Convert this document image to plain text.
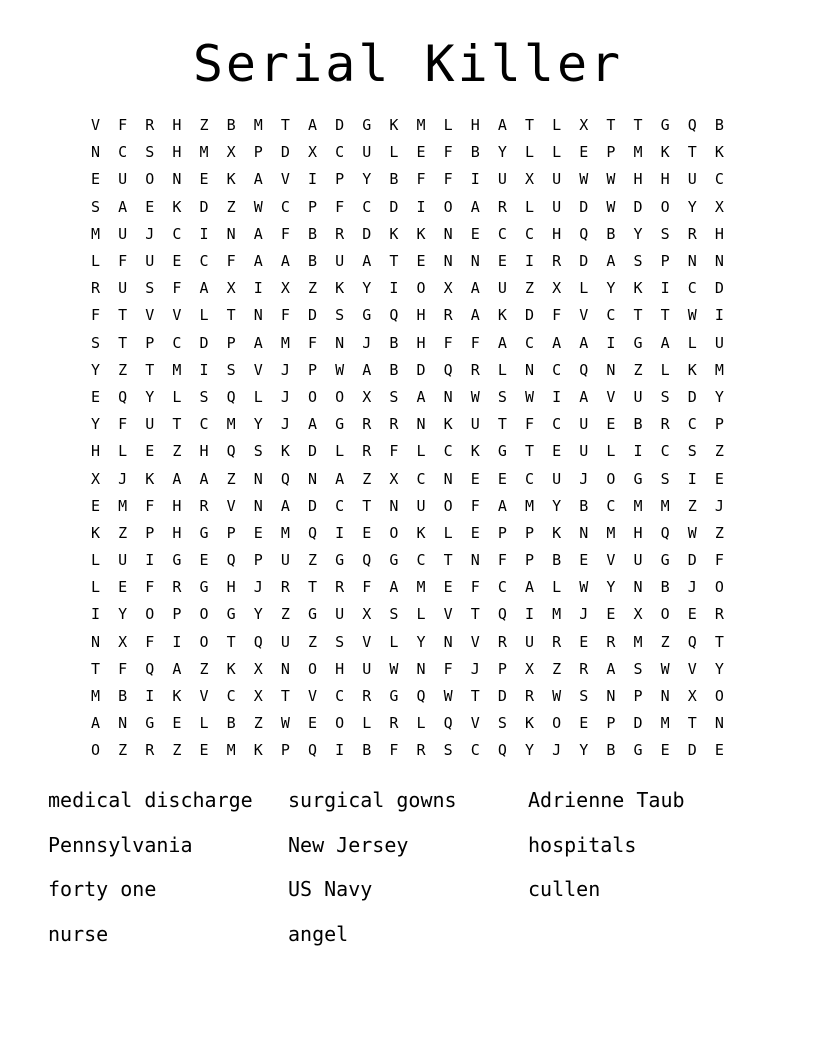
Serial Killer
V	F	R	H	Z	B	M	T	A	D	G	K	M	L	H	A	T	L	X	T	T	G	Q	B
N	C	S	H	M	X	P	D	X	C	U	L	E	F	B	Y	L	L	E	P	M	K	T	K
E	U	O	N	E	K	A	V	I	P	Y	B	F	F	I	U	X	U	W	W	H	H	U	C
S	A	E	K	D	Z	W	C	P	F	C	D	I	O	A	R	L	U	D	W	D	O	Y	X
M	U	J	C	I	N	A	F	B	R	D	K	K	N	E	C	C	H	Q	B	Y	S	R	H
L	F	U	E	C	F	A	A	B	U	A	T	E	N	N	E	I	R	D	A	S	P	N	N
R	U	S	F	A	X	I	X	Z	K	Y	I	O	X	A	U	Z	X	L	Y	K	I	C	D
F	T	V	V	L	T	N	F	D	S	G	Q	H	R	A	K	D	F	V	C	T	T	W	I
S	T	P	C	D	P	A	M	F	N	J	B	H	F	F	A	C	A	A	I	G	A	L	U
Y	Z	T	M	I	S	V	J	P	W	A	B	D	Q	R	L	N	C	Q	N	Z	L	K	M
E	Q	Y	L	S	Q	L	J	O	O	X	S	A	N	W	S	W	I	A	V	U	S	D	Y
Y	F	U	T	C	M	Y	J	A	G	R	R	N	K	U	T	F	C	U	E	B	R	C	P
H	L	E	Z	H	Q	S	K	D	L	R	F	L	C	K	G	T	E	U	L	I	C	S	Z
X	J	K	A	A	Z	N	Q	N	A	Z	X	C	N	E	E	C	U	J	O	G	S	I	E
E	M	F	H	R	V	N	A	D	C	T	N	U	O	F	A	M	Y	B	C	M	M	Z	J
K	Z	P	H	G	P	E	M	Q	I	E	O	K	L	E	P	P	K	N	M	H	Q	W	Z
L	U	I	G	E	Q	P	U	Z	G	Q	G	C	T	N	F	P	B	E	V	U	G	D	F
L	E	F	R	G	H	J	R	T	R	F	A	M	E	F	C	A	L	W	Y	N	B	J	O
I	Y	O	P	O	G	Y	Z	G	U	X	S	L	V	T	Q	I	M	J	E	X	O	E	R
N	X	F	I	O	T	Q	U	Z	S	V	L	Y	N	V	R	U	R	E	R	M	Z	Q	T
T	F	Q	A	Z	K	X	N	O	H	U	W	N	F	J	P	X	Z	R	A	S	W	V	Y
M	B	I	K	V	C	X	T	V	C	R	G	Q	W	T	D	R	W	S	N	P	N	X	O
A	N	G	E	L	B	Z	W	E	O	L	R	L	Q	V	S	K	O	E	P	D	M	T	N
O	Z	R	Z	E	M	K	P	Q	I	B	F	R	S	C	Q	Y	J	Y	B	G	E	D	E
medical discharge	surgical gowns	Adrienne Taub
Pennsylvania	New Jersey	hospitals
forty one	US Navy	cullen
nurse	angel
